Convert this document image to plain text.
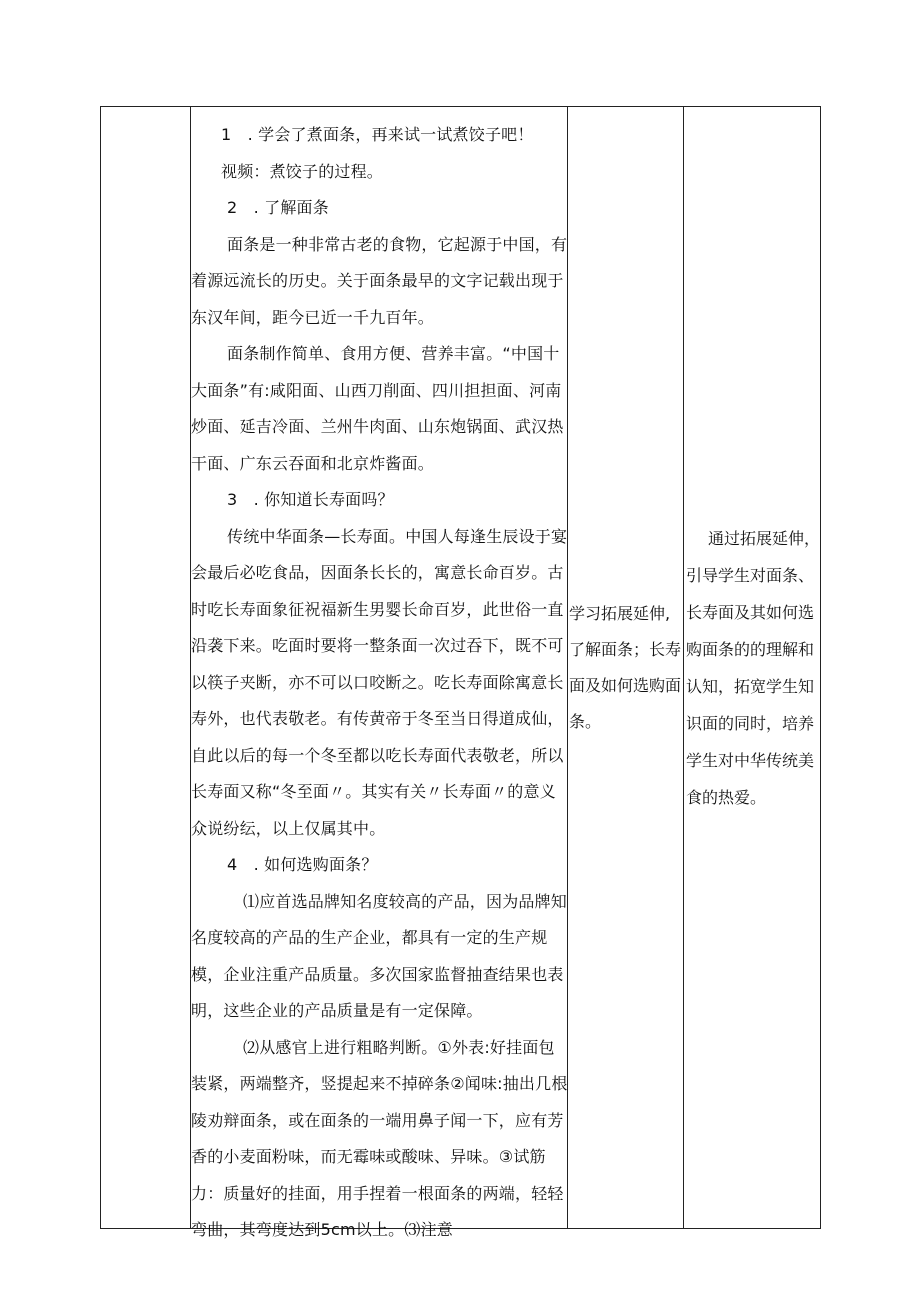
1　. 学会了煮面条，再来试一试煮饺子吧！

视频：煮饺子的过程。

2　. 了解面条

面条是一种非常古老的食物，它起源于中国，有着源远流长的历史。关于面条最早的文字记载出现于东汉年间，距今已近一千九百年。

面条制作简单、食用方便、营养丰富。“中国十大面条”有:咸阳面、山西刀削面、四川担担面、河南炒面、延吉冷面、兰州牛肉面、山东炮锅面、武汉热干面、广东云吞面和北京炸酱面。

3　. 你知道长寿面吗？

传统中华面条—长寿面。中国人每逢生辰设于宴会最后必吃食品，因面条长长的，寓意长命百岁。古时吃长寿面象征祝福新生男婴长命百岁，此世俗一直沿袭下来。吃面时要将一整条面一次过吞下，既不可以筷子夹断，亦不可以口咬断之。吃长寿面除寓意长寿外，也代表敬老。有传黄帝于冬至当日得道成仙，自此以后的每一个冬至都以吃长寿面代表敬老，所以长寿面又称“冬至面〃。其实有关〃长寿面〃的意义众说纷纭，以上仅属其中。

4　. 如何选购面条？

⑴应首选品牌知名度较高的产品，因为品牌知名度较高的产品的生产企业，都具有一定的生产规模，企业注重产品质量。多次国家监督抽查结果也表明，这些企业的产品质量是有一定保障。

⑵从感官上进行粗略判断。①外表:好挂面包装紧，两端整齐，竖提起来不掉碎条②闻味:抽出几根陵劝辩面条，或在面条的一端用鼻子闻一下，应有芳香的小麦面粉味，而无霉味或酸味、异味。③试筋力：质量好的挂面，用手捏着一根面条的两端，轻轻弯曲，其弯度达到5cm以上。⑶注意

学习拓展延伸,了解面条；长寿面及如何选购面条。

通过拓展延伸，引导学生对面条、长寿面及其如何选购面条的的理解和认知，拓宽学生知识面的同时，培养学生对中华传统美食的热爱。
